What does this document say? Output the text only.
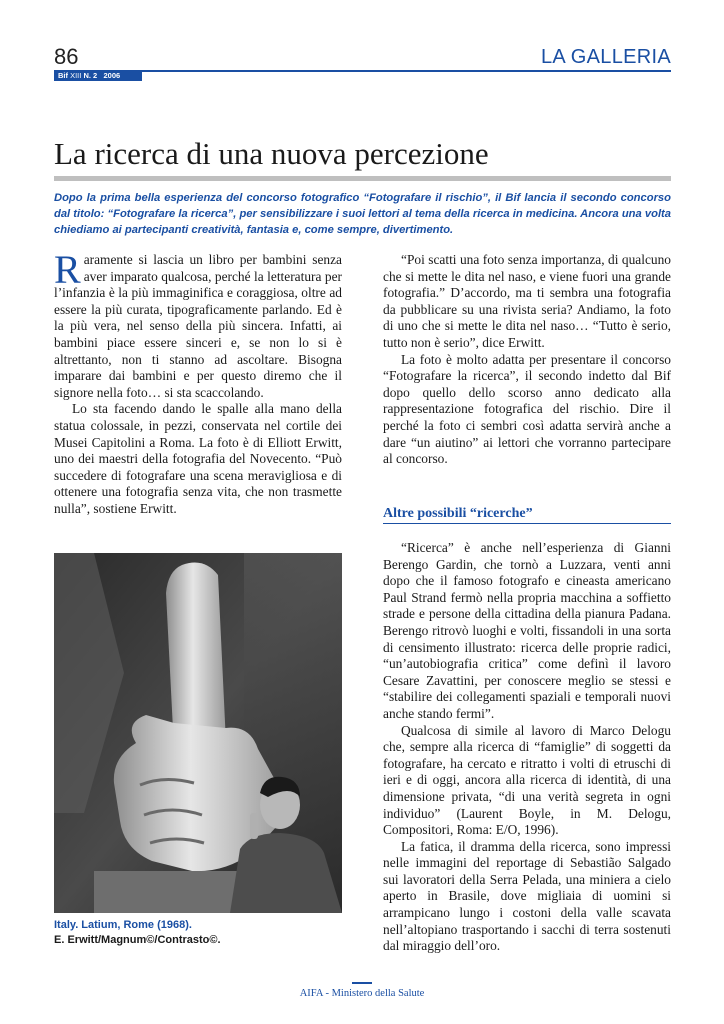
86	LA GALLERIA
Bif XIII N. 2 2006
La ricerca di una nuova percezione

Dopo la prima bella esperienza del concorso fotografico “Fotografare il rischio”, il Bif lancia il secondo concorso dal titolo: “Fotografare la ricerca”, per sensibilizzare i suoi lettori al tema della ricerca in medicina. Ancora una volta chiediamo ai partecipanti creatività, fantasia e, come sempre, divertimento.

Raramente si lascia un libro per bambini senza aver imparato qualcosa, perché la letteratura per l’infanzia è la più immaginifica e coraggiosa, oltre ad essere la più curata, tipograficamente parlando. Ed è la più vera, nel senso della più sincera. Infatti, ai bambini piace essere sinceri e, se non lo si è altrettanto, non ti stanno ad ascoltare. Bisogna imparare dai bambini e per questo diremo che il signore nella foto… si sta scaccolando.

Lo sta facendo dando le spalle alla mano della statua colossale, in pezzi, conservata nel cortile dei Musei Capitolini a Roma. La foto è di Elliott Erwitt, uno dei maestri della fotografia del Novecento. “Può succedere di fotografare una scena meravigliosa e di ottenere una fotografia senza vita, che non trasmette nulla”, sostiene Erwitt.

Italy. Latium, Rome (1968).
E. Erwitt/Magnum©/Contrasto©.

“Poi scatti una foto senza importanza, di qualcuno che si mette le dita nel naso, e viene fuori una grande fotografia.” D’accordo, ma ti sembra una fotografia da pubblicare su una rivista seria? Andiamo, la foto di uno che si mette le dita nel naso… “Tutto è serio, tutto non è serio”, dice Erwitt.

La foto è molto adatta per presentare il concorso “Fotografare la ricerca”, il secondo indetto dal Bif dopo quello dello scorso anno dedicato alla rappresentazione fotografica del rischio. Dire il perché la foto ci sembri così adatta servirà anche a dare “un aiutino” ai lettori che vorranno partecipare al concorso.

Altre possibili “ricerche”

“Ricerca” è anche nell’esperienza di Gianni Berengo Gardin, che tornò a Luzzara, venti anni dopo che il famoso fotografo e cineasta americano Paul Strand fermò nella propria macchina a soffietto strade e persone della cittadina della pianura Padana. Berengo ritrovò luoghi e volti, fissandoli in una sorta di censimento illustrato: ricerca delle proprie radici, “un’autobiografia critica” come definì il lavoro Cesare Zavattini, per conoscere meglio se stessi e “stabilire dei collegamenti spaziali e temporali nuovi anche stando fermi”.

Qualcosa di simile al lavoro di Marco Delogu che, sempre alla ricerca di “famiglie” di soggetti da fotografare, ha cercato e ritratto i volti di etruschi di ieri e di oggi, ancora alla ricerca di identità, di una dimensione privata, “di una verità segreta in ogni individuo” (Laurent Boyle, in M. Delogu, Compositori, Roma: E/O, 1996).

La fatica, il dramma della ricerca, sono impressi nelle immagini del reportage di Sebastião Salgado sui lavoratori della Serra Pelada, una miniera a cielo aperto in Brasile, dove migliaia di uomini si arrampicano lungo i costoni della valle scavata nell’altopiano trasportando i sacchi di terra sostenuti dal miraggio dell’oro.

AIFA - Ministero della Salute
